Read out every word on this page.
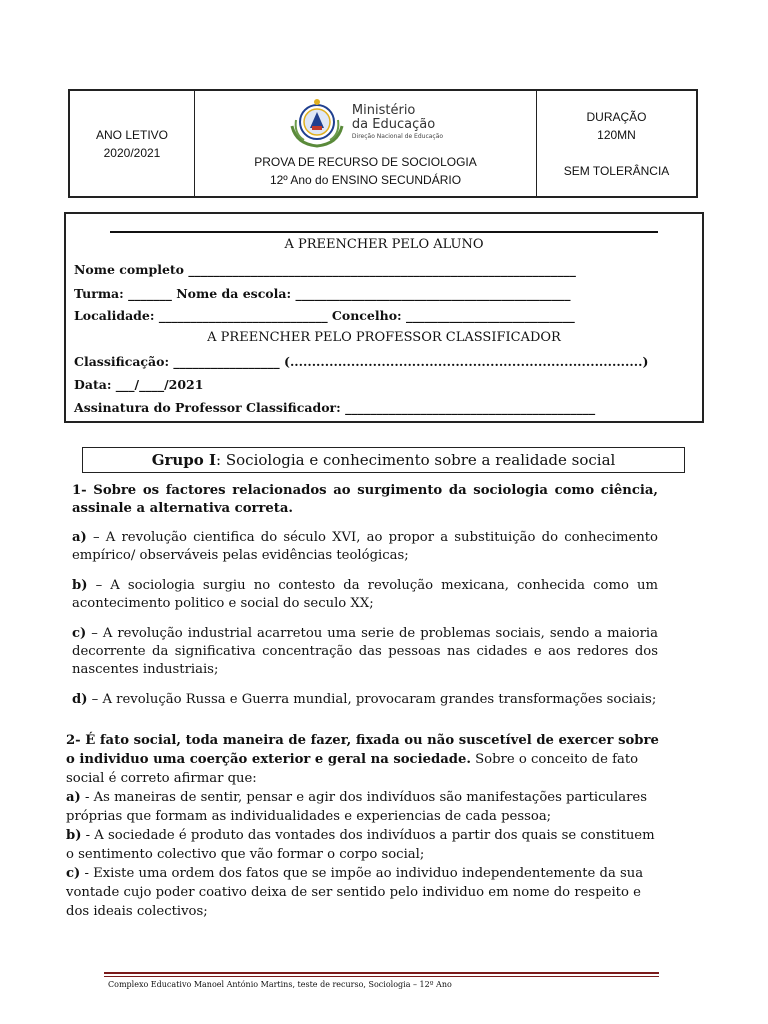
ANO LETIVO
2020/2021
Ministério
da Educação
Direção Nacional de Educação
PROVA DE RECURSO DE SOCIOLOGIA
12º Ano do ENSINO SECUNDÁRIO
DURAÇÃO
120MN
SEM TOLERÂNCIA
A PREENCHER PELO ALUNO
Nome completo ______________________________________________________________
Turma: _______ Nome da escola: ____________________________________________
Localidade: ___________________________ Concelho: ___________________________
A PREENCHER PELO PROFESSOR CLASSIFICADOR
Classificação: _________________ (.................................................................................)
Data: ___/____/2021
Assinatura do Professor Classificador: ________________________________________
Grupo I: Sociologia e conhecimento sobre a realidade social
1- Sobre os factores relacionados ao surgimento da sociologia como ciência, assinale a alternativa correta.
a) – A revolução cientifica do século XVI, ao propor a substituição do conhecimento empírico/ observáveis pelas evidências teológicas;
b) – A sociologia surgiu no contesto da revolução mexicana, conhecida como um acontecimento politico e social do seculo XX;
c) – A revolução industrial acarretou uma serie de problemas sociais, sendo a maioria decorrente da significativa concentração das pessoas nas cidades e aos redores dos nascentes industriais;
d) – A revolução Russa e Guerra mundial, provocaram grandes transformações sociais;
2- É fato social, toda maneira de fazer, fixada ou não suscetível de exercer sobre o individuo uma coerção exterior e geral na sociedade. Sobre o conceito de fato social é correto afirmar que:
a) - As maneiras de sentir, pensar e agir dos indivíduos são manifestações particulares próprias que formam as individualidades e experiencias de cada pessoa;
b) - A sociedade é produto das vontades dos indivíduos a partir dos quais se constituem o sentimento colectivo que vão formar o corpo social;
c) - Existe uma ordem dos fatos que se impõe ao individuo independentemente da sua vontade cujo poder coativo deixa de ser sentido pelo individuo em nome do respeito e dos ideais colectivos;
Complexo Educativo Manoel António Martins, teste de recurso, Sociologia – 12º Ano
